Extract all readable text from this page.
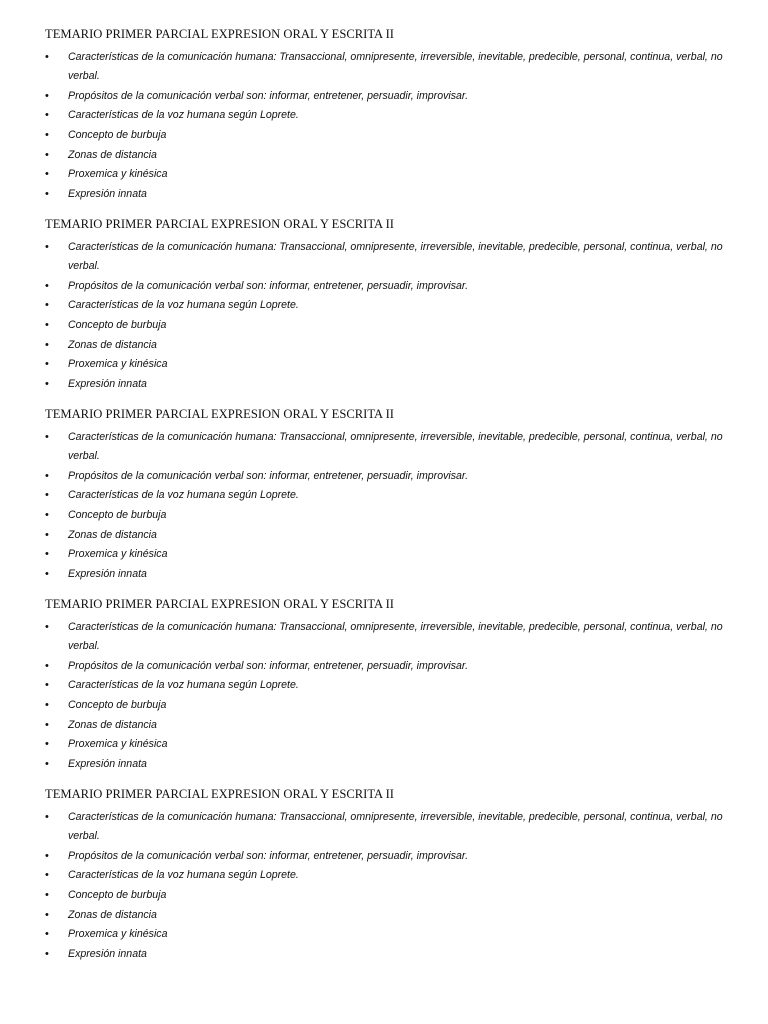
TEMARIO PRIMER PARCIAL EXPRESION ORAL Y ESCRITA II
• Características de la comunicación humana: Transaccional, omnipresente, irreversible, inevitable, predecible, personal, continua, verbal, no verbal.
• Propósitos de la comunicación verbal son: informar, entretener, persuadir, improvisar.
• Características de la voz humana según Loprete.
• Concepto de burbuja
• Zonas de distancia
• Proxemica y kinésica
• Expresión innata
TEMARIO PRIMER PARCIAL EXPRESION ORAL Y ESCRITA II
• Características de la comunicación humana: Transaccional, omnipresente, irreversible, inevitable, predecible, personal, continua, verbal, no verbal.
• Propósitos de la comunicación verbal son: informar, entretener, persuadir, improvisar.
• Características de la voz humana según Loprete.
• Concepto de burbuja
• Zonas de distancia
• Proxemica y kinésica
• Expresión innata
TEMARIO PRIMER PARCIAL EXPRESION ORAL Y ESCRITA II
• Características de la comunicación humana: Transaccional, omnipresente, irreversible, inevitable, predecible, personal, continua, verbal, no verbal.
• Propósitos de la comunicación verbal son: informar, entretener, persuadir, improvisar.
• Características de la voz humana según Loprete.
• Concepto de burbuja
• Zonas de distancia
• Proxemica y kinésica
• Expresión innata
TEMARIO PRIMER PARCIAL EXPRESION ORAL Y ESCRITA II
• Características de la comunicación humana: Transaccional, omnipresente, irreversible, inevitable, predecible, personal, continua, verbal, no verbal.
• Propósitos de la comunicación verbal son: informar, entretener, persuadir, improvisar.
• Características de la voz humana según Loprete.
• Concepto de burbuja
• Zonas de distancia
• Proxemica y kinésica
• Expresión innata
TEMARIO PRIMER PARCIAL EXPRESION ORAL Y ESCRITA II
• Características de la comunicación humana: Transaccional, omnipresente, irreversible, inevitable, predecible, personal, continua, verbal, no verbal.
• Propósitos de la comunicación verbal son: informar, entretener, persuadir, improvisar.
• Características de la voz humana según Loprete.
• Concepto de burbuja
• Zonas de distancia
• Proxemica y kinésica
• Expresión innata
